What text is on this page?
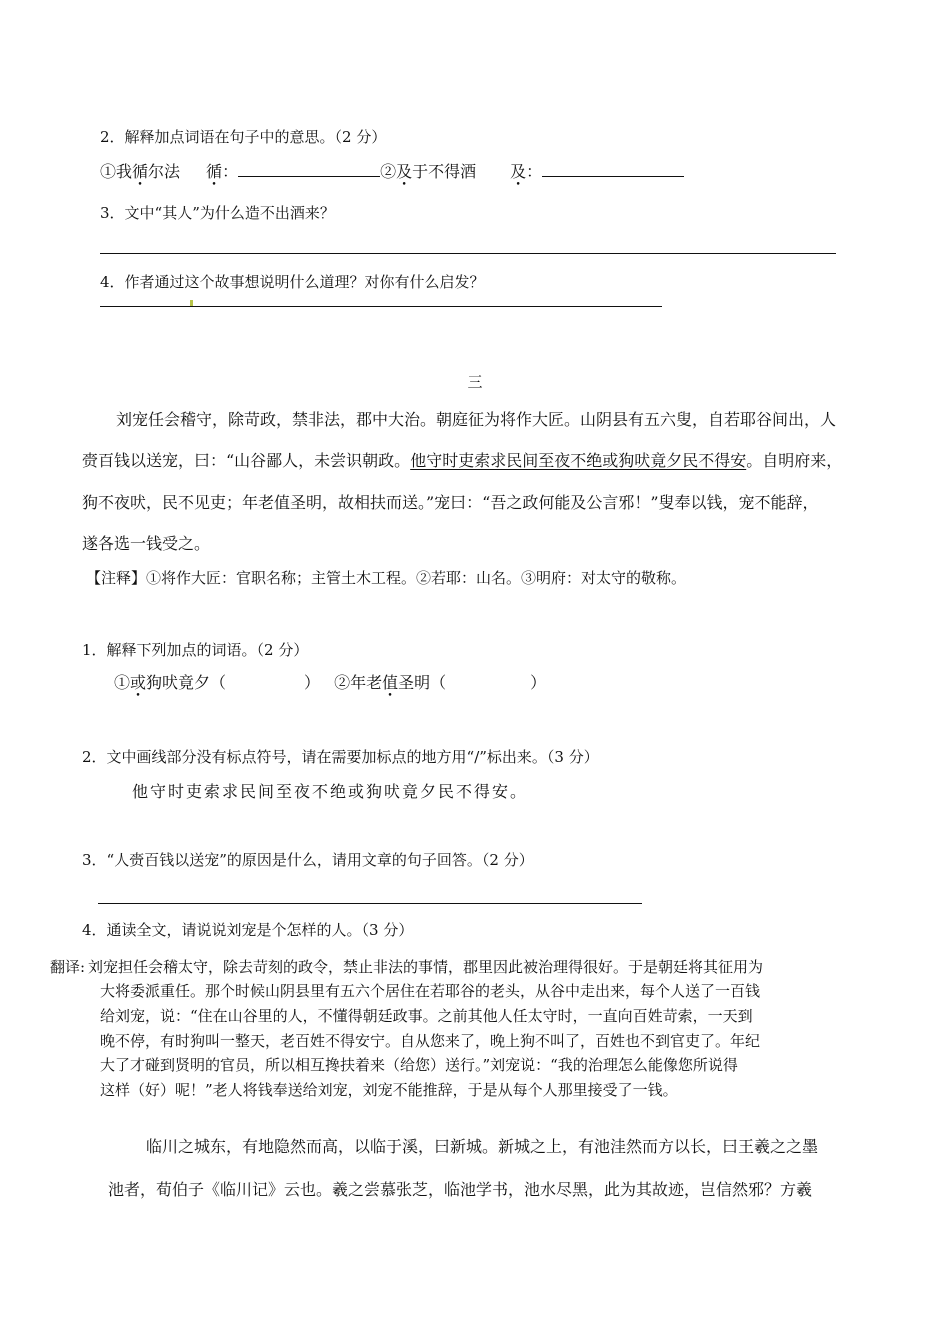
2．解释加点词语在句子中的意思。（2 分）
①我循尔法 循：	②及于不得酒 及：
3．文中“其人”为什么造不出酒来？
4．作者通过这个故事想说明什么道理？对你有什么启发？
三
刘宠任会稽守，除苛政，禁非法，郡中大治。朝庭征为将作大匠。山阴县有五六叟，自若耶谷间出，人
赍百钱以送宠，曰：“山谷鄙人，未尝识朝政。他守时吏索求民间至夜不绝或狗吠竟夕民不得安。自明府来，
狗不夜吠，民不见吏；年老值圣明，故相扶而送。”宠曰：“吾之政何能及公言邪！”叟奉以钱，宠不能辞，
遂各选一钱受之。
【注释】①将作大匠：官职名称；主管土木工程。②若耶：山名。③明府：对太守的敬称。
1．解释下列加点的词语。（2 分）
①或狗吠竟夕（	） ②年老值圣明（	）
2．文中画线部分没有标点符号，请在需要加标点的地方用“/”标出来。（3 分）
他守时吏索求民间至夜不绝或狗吠竟夕民不得安。
3．“人赍百钱以送宠”的原因是什么，请用文章的句子回答。（2 分）
4．通读全文，请说说刘宠是个怎样的人。（3 分）
翻译: 刘宠担任会稽太守，除去苛刻的政令，禁止非法的事情，郡里因此被治理得很好。于是朝廷将其征用为
大将委派重任。那个时候山阴县里有五六个居住在若耶谷的老头，从谷中走出来，每个人送了一百钱
给刘宠，说：“住在山谷里的人，不懂得朝廷政事。之前其他人任太守时，一直向百姓苛索，一天到
晚不停，有时狗叫一整天，老百姓不得安宁。自从您来了，晚上狗不叫了，百姓也不到官吏了。年纪
大了才碰到贤明的官员，所以相互搀扶着来（给您）送行。”刘宠说：“我的治理怎么能像您所说得
这样（好）呢！”老人将钱奉送给刘宠，刘宠不能推辞，于是从每个人那里接受了一钱。
临川之城东，有地隐然而高，以临于溪，曰新城。新城之上，有池洼然而方以长，曰王羲之之墨
池者，荀伯子《临川记》云也。羲之尝慕张芝，临池学书，池水尽黑，此为其故迹，岂信然邪？方羲
